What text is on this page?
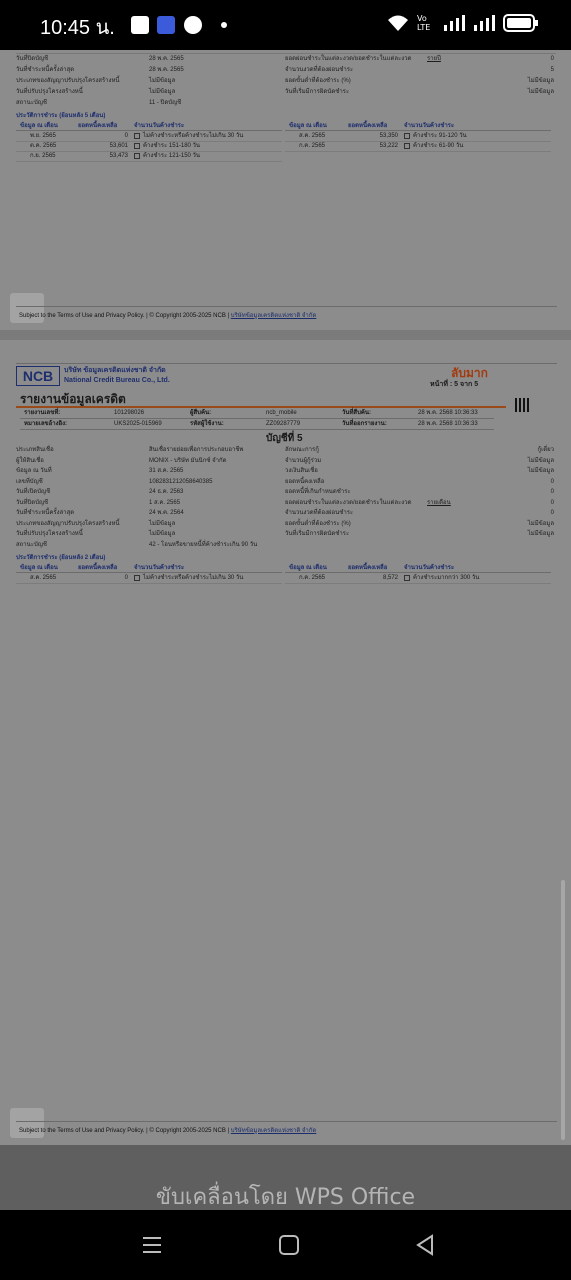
10:45 น.	Vo LTE
วันที่ปิดบัญชี	28 พ.ค. 2565	ยอดผ่อนชำระในแต่ละงวด/ยอดชำระในแต่ละงวด	รายปี	0
วันที่ชำระหนี้ครั้งล่าสุด	28 พ.ค. 2565	จำนวนงวดที่ต้องผ่อนชำระ	5
ประเภทของสัญญาปรับปรุงโครงสร้างหนี้	ไม่มีข้อมูล	ยอดขั้นต่ำที่ต้องชำระ (%)	ไม่มีข้อมูล
วันที่ปรับปรุงโครงสร้างหนี้	ไม่มีข้อมูล	วันที่เริ่มมีการผิดนัดชำระ	ไม่มีข้อมูล
สถานะบัญชี	11 - ปิดบัญชี
ประวัติการชำระ (ย้อนหลัง 5 เดือน)
ข้อมูล ณ เดือน	ยอดหนี้คงเหลือ	จำนวนวันค้างชำระ	ข้อมูล ณ เดือน	ยอดหนี้คงเหลือ	จำนวนวันค้างชำระ
พ.ย. 2565	0	ไม่ค้างชำระหรือค้างชำระไม่เกิน 30 วัน
ต.ค. 2565	53,601	ค้างชำระ 151-180 วัน
ก.ย. 2565	53,473	ค้างชำระ 121-150 วัน
ส.ค. 2565	53,350	ค้างชำระ 91-120 วัน
ก.ค. 2565	53,222	ค้างชำระ 61-90 วัน
Subject to the Terms of Use and Privacy Policy. | © Copyright 2005-2025 NCB | บริษัทข้อมูลเครดิตแห่งชาติ จำกัด
NCB	บริษัท ข้อมูลเครดิตแห่งชาติ จำกัด
National Credit Bureau Co., Ltd.
ลับมาก
หน้าที่ : 5 จาก 5
รายงานข้อมูลเครดิต
รายงานเลขที่:	101298026	ผู้สืบค้น:	ncb_mobile	วันที่สืบค้น:	28 พ.ค. 2568 10:36:33
หมายเลขอ้างอิง:	UKS2025-015969	รหัสผู้ใช้งาน:	ZZ09287779	วันที่ออกรายงาน:	28 พ.ค. 2568 10:36:33
บัญชีที่ 5
ประเภทสินเชื่อ	สินเชื่อรายย่อยเพื่อการประกอบอาชีพ	ลักษณะการกู้	กู้เดี่ยว
ผู้ให้สินเชื่อ	MONIX - บริษัท มันนิกซ์ จำกัด	จำนวนผู้กู้ร่วม	ไม่มีข้อมูล
ข้อมูล ณ วันที่	31 ส.ค. 2565	วงเงินสินเชื่อ	ไม่มีข้อมูล
เลขที่บัญชี	1082831212058640385	ยอดหนี้คงเหลือ	0
วันที่เปิดบัญชี	24 ธ.ค. 2563	ยอดหนี้ที่เกินกำหนดชำระ	0
วันที่ปิดบัญชี	1 ส.ค. 2565	ยอดผ่อนชำระในแต่ละงวด/ยอดชำระในแต่ละงวด	รายเดือน	0
วันที่ชำระหนี้ครั้งล่าสุด	24 พ.ค. 2564	จำนวนงวดที่ต้องผ่อนชำระ	0
ประเภทของสัญญาปรับปรุงโครงสร้างหนี้	ไม่มีข้อมูล	ยอดขั้นต่ำที่ต้องชำระ (%)	ไม่มีข้อมูล
วันที่ปรับปรุงโครงสร้างหนี้	ไม่มีข้อมูล	วันที่เริ่มมีการผิดนัดชำระ	ไม่มีข้อมูล
สถานะบัญชี	42 - โอนหรือขายหนี้ที่ค้างชำระเกิน 90 วัน
ประวัติการชำระ (ย้อนหลัง 2 เดือน)
ข้อมูล ณ เดือน	ยอดหนี้คงเหลือ	จำนวนวันค้างชำระ	ข้อมูล ณ เดือน	ยอดหนี้คงเหลือ	จำนวนวันค้างชำระ
ส.ค. 2565	0	ไม่ค้างชำระหรือค้างชำระไม่เกิน 30 วัน	ก.ค. 2565	8,572	ค้างชำระมากกว่า 300 วัน
Subject to the Terms of Use and Privacy Policy. | © Copyright 2005-2025 NCB | บริษัทข้อมูลเครดิตแห่งชาติ จำกัด
ขับเคลื่อนโดย WPS Office
